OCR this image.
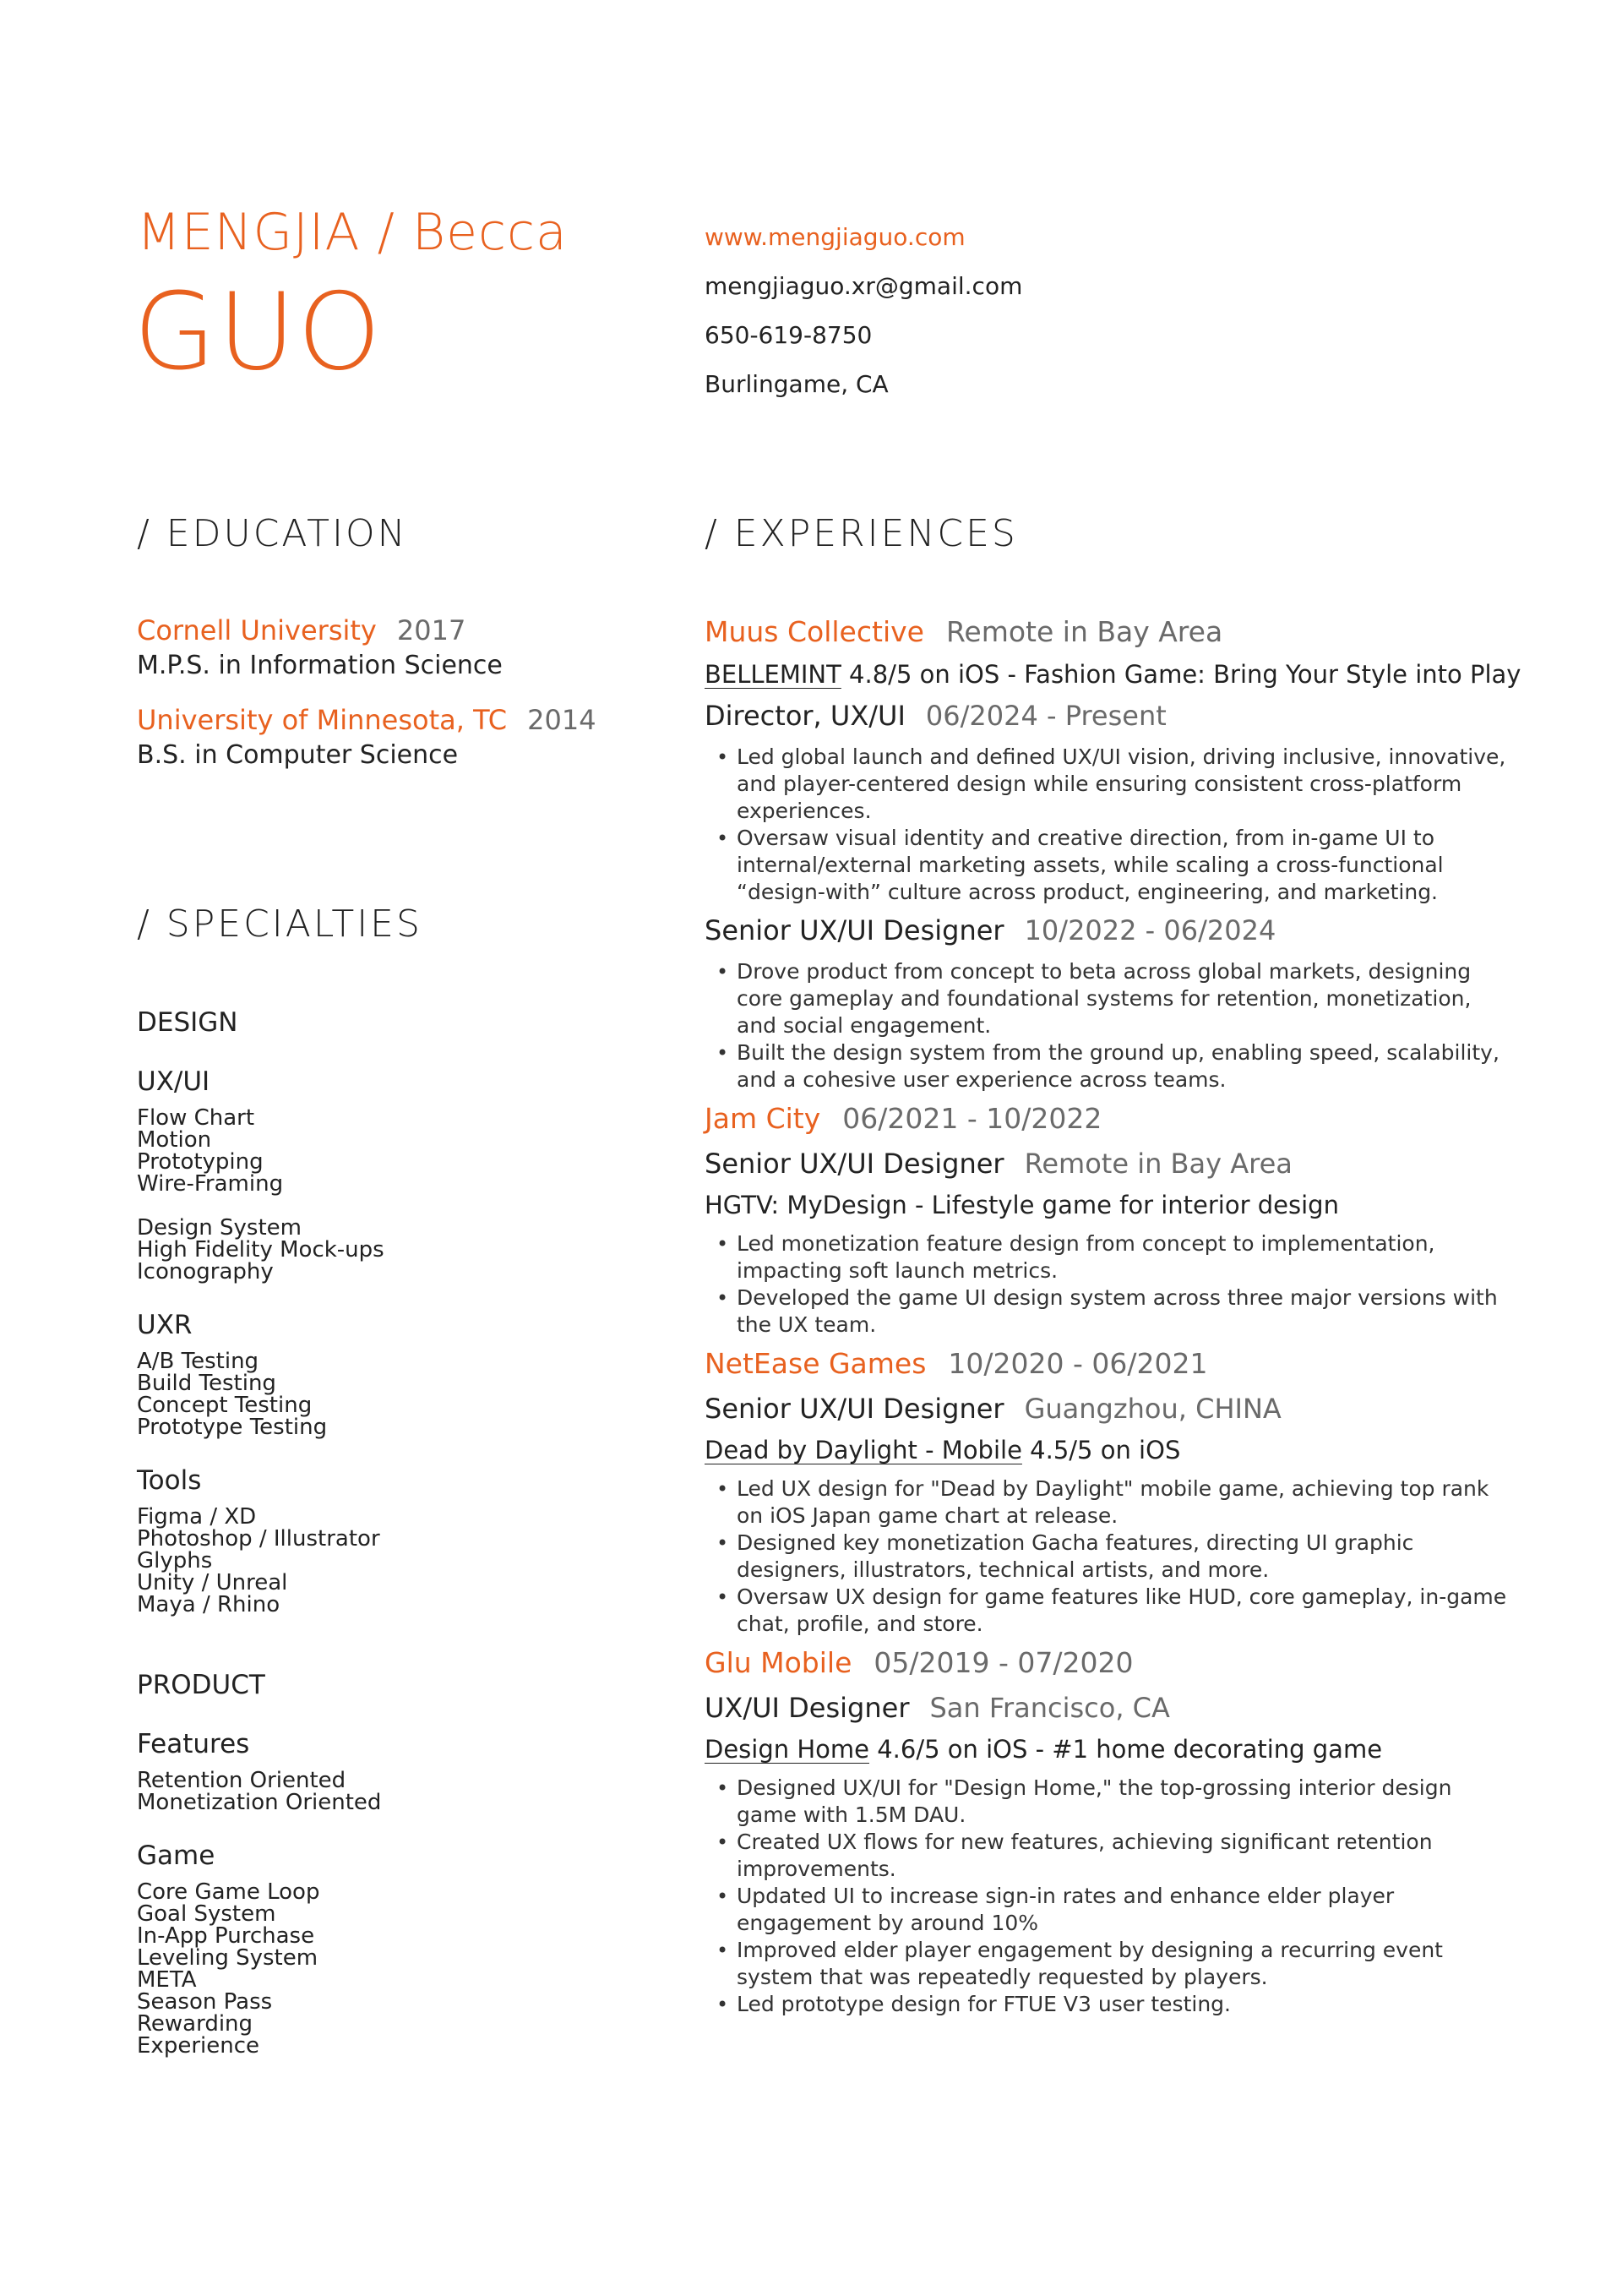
MENGJIA / Becca
GUO
www.mengjiaguo.com
mengjiaguo.xr@gmail.com
650-619-8750
Burlingame, CA
/ EDUCATION
/ SPECIALTIES
/ EXPERIENCES
Cornell University 2017
M.P.S. in Information Science
University of Minnesota, TC 2014
B.S. in Computer Science
DESIGN
UX/UI
Flow Chart
Motion
Prototyping
Wire-Framing
Design System
High Fidelity Mock-ups
Iconography
UXR
A/B Testing
Build Testing
Concept Testing
Prototype Testing
Tools
Figma / XD
Photoshop / Illustrator
Glyphs
Unity / Unreal
Maya / Rhino
PRODUCT
Features
Retention Oriented
Monetization Oriented
Game
Core Game Loop
Goal System
In-App Purchase
Leveling System
META
Season Pass
Rewarding
Experience
Muus Collective Remote in Bay Area
BELLEMINT 4.8/5 on iOS - Fashion Game: Bring Your Style into Play
Director, UX/UI 06/2024 - Present
• Led global launch and defined UX/UI vision, driving inclusive, innovative, and player-centered design while ensuring consistent cross-platform experiences.
• Oversaw visual identity and creative direction, from in-game UI to internal/external marketing assets, while scaling a cross-functional “design-with” culture across product, engineering, and marketing.
Senior UX/UI Designer 10/2022 - 06/2024
• Drove product from concept to beta across global markets, designing core gameplay and foundational systems for retention, monetization, and social engagement.
• Built the design system from the ground up, enabling speed, scalability, and a cohesive user experience across teams.
Jam City 06/2021 - 10/2022
Senior UX/UI Designer Remote in Bay Area
HGTV: MyDesign - Lifestyle game for interior design
• Led monetization feature design from concept to implementation, impacting soft launch metrics.
• Developed the game UI design system across three major versions with the UX team.
NetEase Games 10/2020 - 06/2021
Senior UX/UI Designer Guangzhou, CHINA
Dead by Daylight - Mobile 4.5/5 on iOS
• Led UX design for "Dead by Daylight" mobile game, achieving top rank on iOS Japan game chart at release.
• Designed key monetization Gacha features, directing UI graphic designers, illustrators, technical artists, and more.
• Oversaw UX design for game features like HUD, core gameplay, in-game chat, profile, and store.
Glu Mobile 05/2019 - 07/2020
UX/UI Designer San Francisco, CA
Design Home 4.6/5 on iOS - #1 home decorating game
• Designed UX/UI for "Design Home," the top-grossing interior design game with 1.5M DAU.
• Created UX flows for new features, achieving significant retention improvements.
• Updated UI to increase sign-in rates and enhance elder player engagement by around 10%
• Improved elder player engagement by designing a recurring event system that was repeatedly requested by players.
• Led prototype design for FTUE V3 user testing.
